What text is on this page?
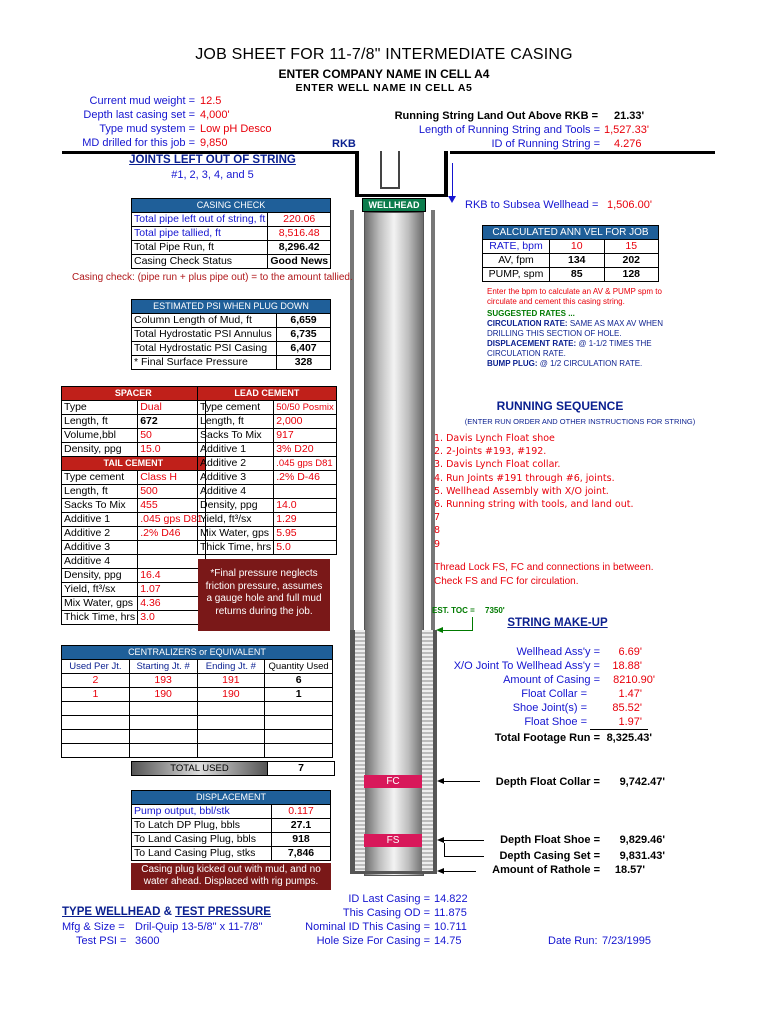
JOB SHEET FOR 11-7/8" INTERMEDIATE CASING
ENTER COMPANY NAME IN CELL A4
ENTER WELL NAME IN CELL A5
Current mud weight = 12.5
Depth last casing set = 4,000'
Type mud system = Low pH Desco
MD drilled for this job = 9,850
Running String Land Out Above RKB = 21.33'
Length of Running String and Tools = 1,527.33'
ID of Running String = 4.276
RKB
JOINTS LEFT OUT OF STRING
#1, 2, 3, 4, and 5
WELLHEAD
FC
FS
RKB to Subsea Wellhead = 1,506.00'
CASING CHECK	
Total pipe left out of string, ft	220.06
Total pipe tallied, ft	8,516.48
Total Pipe Run, ft	8,296.42
Casing Check Status	Good News
Casing check: (pipe run + plus pipe out) = to the amount tallied.
CALCULATED ANN VEL FOR JOB		
RATE, bpm	10	15
AV, fpm	134	202
PUMP, spm	85	128
Enter the bpm to calculate an AV & PUMP spm to circulate and cement this casing string.
SUGGESTED RATES ...
CIRCULATION RATE: SAME AS MAX AV WHEN DRILLING THIS SECTION OF HOLE.
DISPLACEMENT RATE: @ 1-1/2 TIMES THE CIRCULATION RATE.
BUMP PLUG: @ 1/2 CIRCULATION RATE.
ESTIMATED PSI WHEN PLUG DOWN	
Column Length of Mud, ft	6,659
Total Hydrostatic PSI Annulus	6,735
Total Hydrostatic PSI Casing	6,407
* Final Surface Pressure	328
SPACER	
Type	Dual
Length, ft	672
Volume,bbl	50
Density, ppg	15.0
TAIL CEMENT	
Type cement	Class H
Length, ft	500
Sacks To Mix	455
Additive 1	.045 gps D81
Additive 2	.2% D46
Additive 3	
Additive 4	
Density, ppg	16.4
Yield, ft³/sx	1.07
Mix Water, gps	4.36
Thick Time, hrs	3.0
LEAD CEMENT	
Type cement	50/50 Posmix
Length, ft	2,000
Sacks To Mix	917
Additive 1	3% D20
Additive 2	.045 gps D81
Additive 3	.2% D-46
Additive 4	
Density, ppg	14.0
Yield, ft³/sx	1.29
Mix Water, gps	5.95
Thick Time, hrs	5.0
*Final pressure neglects friction pressure, assumes a gauge hole and full mud returns during the job.
RUNNING SEQUENCE
(ENTER RUN ORDER AND OTHER INSTRUCTIONS FOR STRING)
1. Davis Lynch Float shoe
2. 2-Joints #193, #192.
3. Davis Lynch Float collar.
4. Run Joints #191 through #6, joints.
5. Wellhead Assembly with X/O joint.
6. Running string with tools, and land out.
7
8
9
Thread Lock FS, FC and connections in between.
Check FS and FC for circulation.
EST. TOC = 7350'
STRING MAKE-UP
Wellhead Ass'y =	6.69'
X/O Joint To Wellhead Ass'y =	18.88'
Amount of Casing =	8210.90'
Float Collar =	1.47'
Shoe Joint(s) =	85.52'
Float Shoe =	1.97'
Total Footage Run = 8,325.43'
CENTRALIZERS or EQUIVALENT			
Used Per Jt.	Starting Jt. #	Ending Jt. #	Quantity Used
2	193	191	6
1	190	190	1

TOTAL USED	7
Depth Float Collar =	9,742.47'
Depth Float Shoe =	9,829.46'
Depth Casing Set =	9,831.43'
Amount of Rathole =	18.57'
DISPLACEMENT	
Pump output, bbl/stk	0.117
To Latch DP Plug, bbls	27.1
To Land Casing Plug, bbls	918
To Land Casing Plug, stks	7,846
Casing plug kicked out with mud, and no water ahead. Displaced with rig pumps.
ID Last Casing = 14.822
This Casing OD = 11.875
Nominal ID This Casing = 10.711
Hole Size For Casing = 14.75	Date Run: 7/23/1995
TYPE WELLHEAD & TEST PRESSURE
Mfg & Size = Dril-Quip 13-5/8" x 11-7/8"
Test PSI = 3600
